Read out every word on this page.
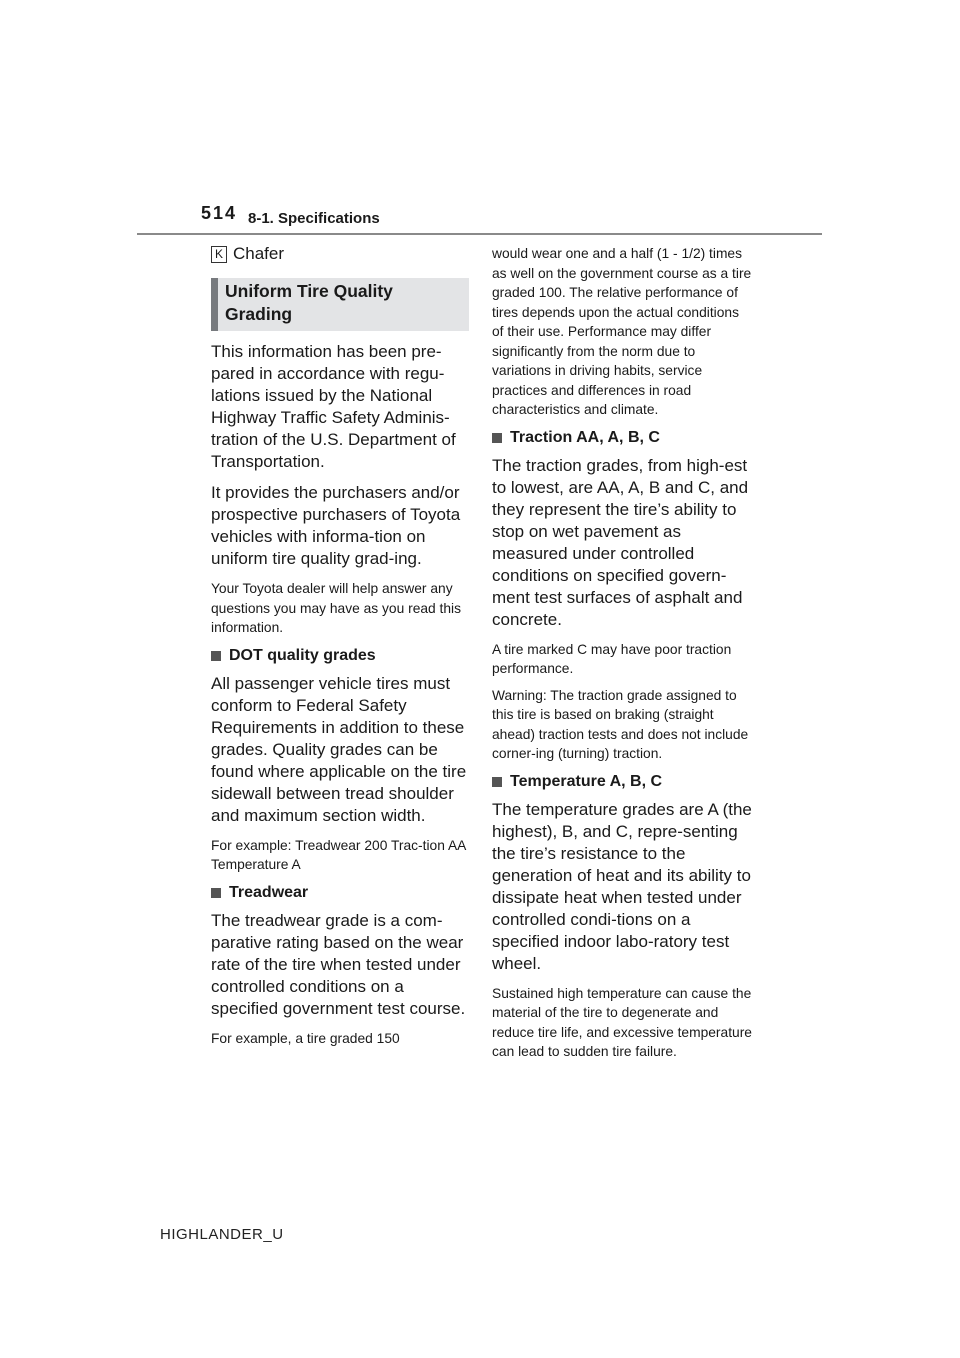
514 8-1. Specifications
K Chafer
Uniform Tire Quality Grading

This information has been pre-pared in accordance with regu-lations issued by the National Highway Traffic Safety Adminis-tration of the U.S. Department of Transportation.

It provides the purchasers and/or prospective purchasers of Toyota vehicles with informa-tion on uniform tire quality grad-ing.

Your Toyota dealer will help answer any questions you may have as you read this information.

DOT quality grades

All passenger vehicle tires must conform to Federal Safety Requirements in addition to these grades. Quality grades can be found where applicable on the tire sidewall between tread shoulder and maximum section width.

For example: Treadwear 200 Trac-tion AA Temperature A

Treadwear

The treadwear grade is a com-parative rating based on the wear rate of the tire when tested under controlled conditions on a specified government test course.

For example, a tire graded 150

would wear one and a half (1 - 1/2) times as well on the government course as a tire graded 100. The relative performance of tires depends upon the actual conditions of their use. Performance may differ significantly from the norm due to variations in driving habits, service practices and differences in road characteristics and climate.

Traction AA, A, B, C

The traction grades, from high-est to lowest, are AA, A, B and C, and they represent the tire’s ability to stop on wet pavement as measured under controlled conditions on specified govern-ment test surfaces of asphalt and concrete.

A tire marked C may have poor traction performance.

Warning: The traction grade assigned to this tire is based on braking (straight ahead) traction tests and does not include corner-ing (turning) traction.

Temperature A, B, C

The temperature grades are A (the highest), B, and C, repre-senting the tire’s resistance to the generation of heat and its ability to dissipate heat when tested under controlled condi-tions on a specified indoor labo-ratory test wheel.

Sustained high temperature can cause the material of the tire to degenerate and reduce tire life, and excessive temperature can lead to sudden tire failure.

HIGHLANDER_U
